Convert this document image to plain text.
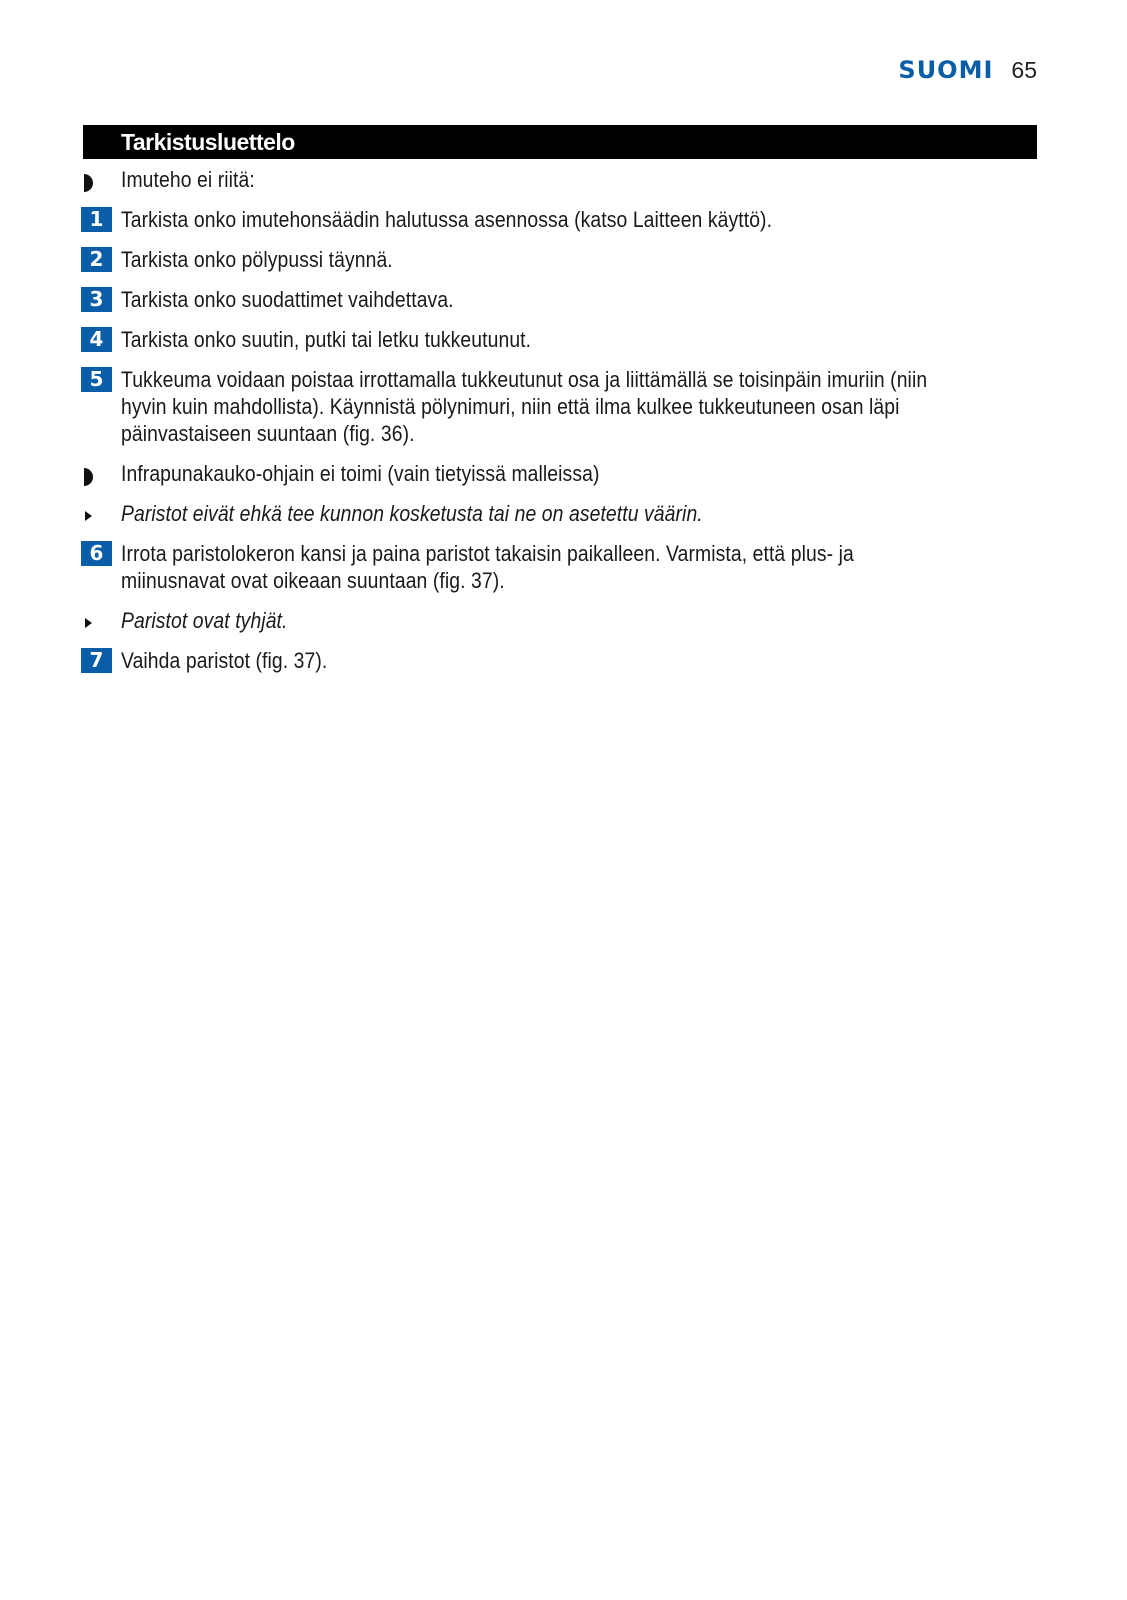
SUOMI 65
Tarkistusluettelo
Imuteho ei riitä:
1 Tarkista onko imutehonsäädin halutussa asennossa (katso Laitteen käyttö).
2 Tarkista onko pölypussi täynnä.
3 Tarkista onko suodattimet vaihdettava.
4 Tarkista onko suutin, putki tai letku tukkeutunut.
5 Tukkeuma voidaan poistaa irrottamalla tukkeutunut osa ja liittämällä se toisinpäin imuriin (niin hyvin kuin mahdollista). Käynnistä pölynimuri, niin että ilma kulkee tukkeutuneen osan läpi päinvastaiseen suuntaan (fig. 36).
Infrapunakauko-ohjain ei toimi (vain tietyissä malleissa)
Paristot eivät ehkä tee kunnon kosketusta tai ne on asetettu väärin.
6 Irrota paristolokeron kansi ja paina paristot takaisin paikalleen. Varmista, että plus- ja miinusnavat ovat oikeaan suuntaan (fig. 37).
Paristot ovat tyhjät.
7 Vaihda paristot (fig. 37).
